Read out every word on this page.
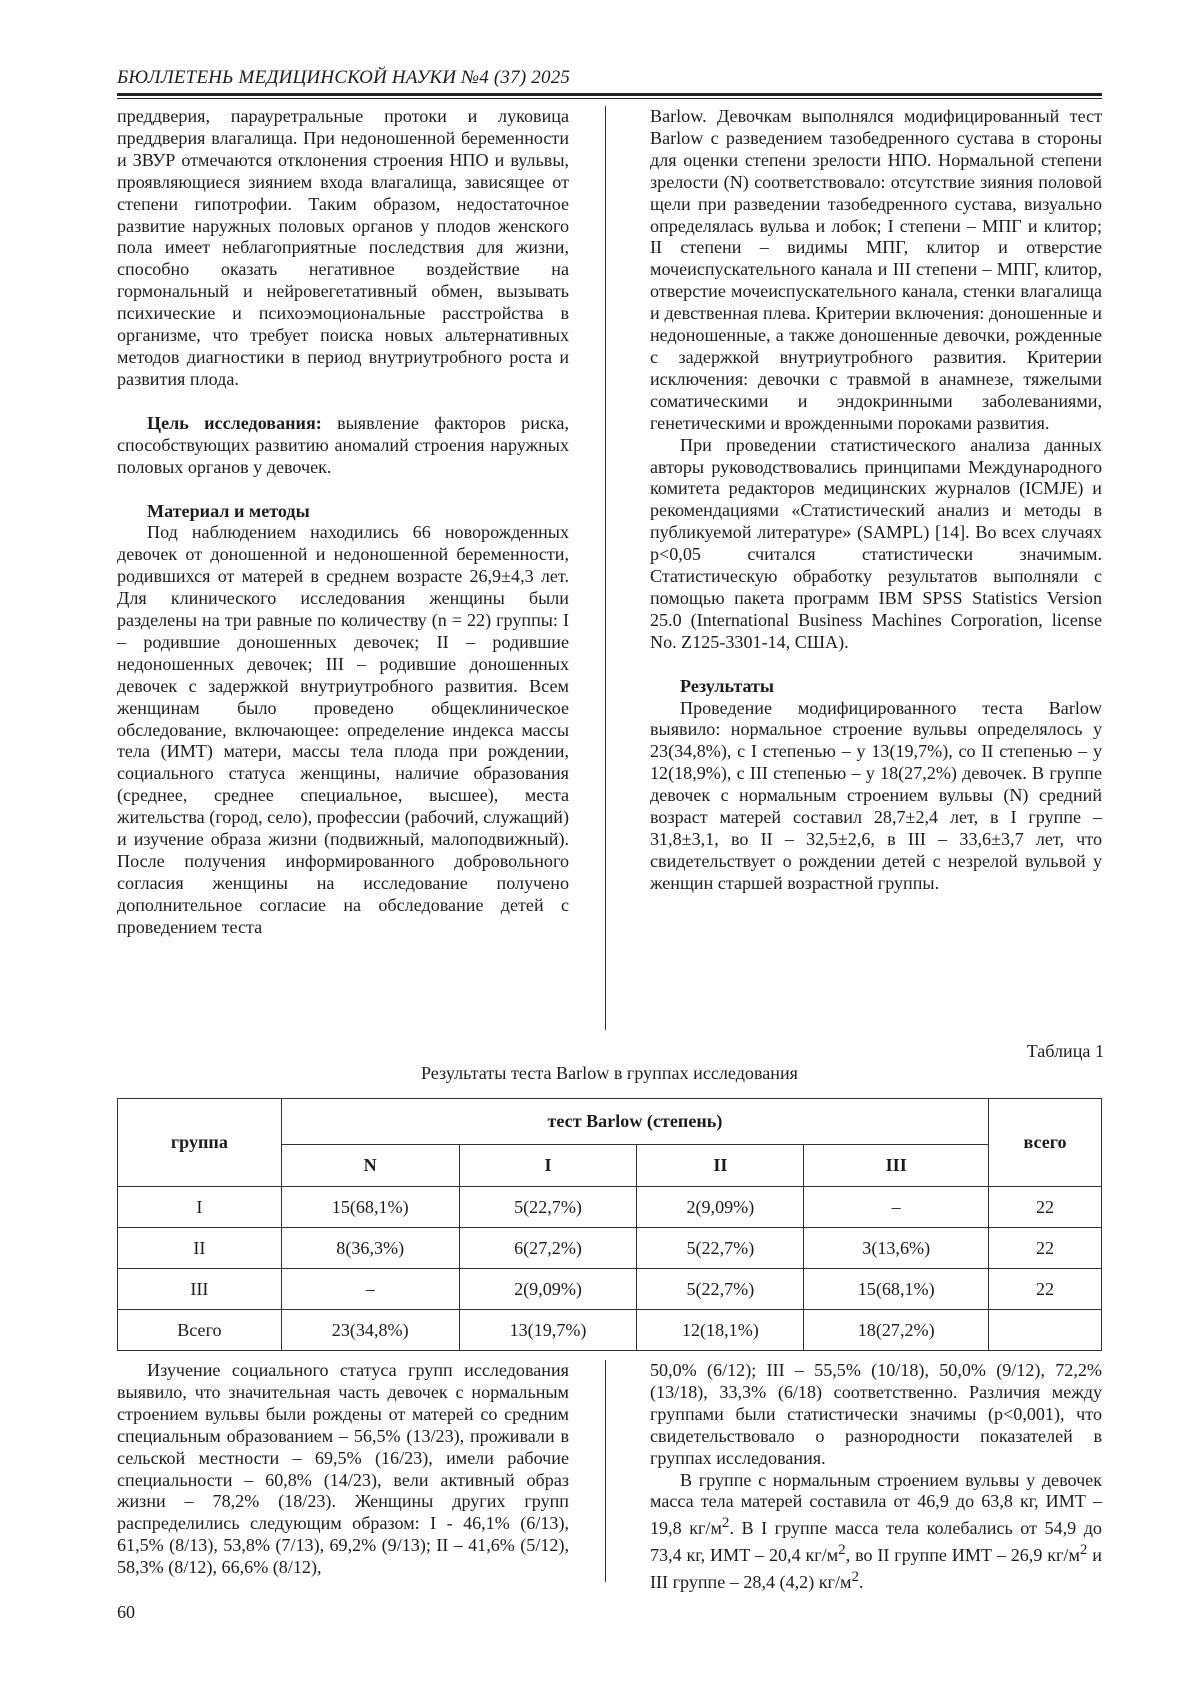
БЮЛЛЕТЕНЬ МЕДИЦИНСКОЙ НАУКИ №4 (37) 2025

преддверия, парауретральные протоки и луковица преддверия влагалища. При недоношенной беременности и ЗВУР отмечаются отклонения строения НПО и вульвы, проявляющиеся зиянием входа влагалища, зависящее от степени гипотрофии. Таким образом, недостаточное развитие наружных половых органов у плодов женского пола имеет неблагоприятные последствия для жизни, способно оказать негативное воздействие на гормональный и нейровегетативный обмен, вызывать психические и психоэмоциональные расстройства в организме, что требует поиска новых альтернативных методов диагностики в период внутриутробного роста и развития плода.

Цель исследования: выявление факторов риска, способствующих развитию аномалий строения наружных половых органов у девочек.

Материал и методы

Под наблюдением находились 66 новорожденных девочек от доношенной и недоношенной беременности, родившихся от матерей в среднем возрасте 26,9±4,3 лет. Для клинического исследования женщины были разделены на три равные по количеству (n = 22) группы: I – родившие доношенных девочек; II – родившие недоношенных девочек; III – родившие доношенных девочек с задержкой внутриутробного развития. Всем женщинам было проведено общеклиническое обследование, включающее: определение индекса массы тела (ИМТ) матери, массы тела плода при рождении, социального статуса женщины, наличие образования (среднее, среднее специальное, высшее), места жительства (город, село), профессии (рабочий, служащий) и изучение образа жизни (подвижный, малоподвижный). После получения информированного добровольного согласия женщины на исследование получено дополнительное согласие на обследование детей с проведением теста

Barlow. Девочкам выполнялся модифицированный тест Barlow с разведением тазобедренного сустава в стороны для оценки степени зрелости НПО. Нормальной степени зрелости (N) соответствовало: отсутствие зияния половой щели при разведении тазобедренного сустава, визуально определялась вульва и лобок; I степени – МПГ и клитор; II степени – видимы МПГ, клитор и отверстие мочеиспускательного канала и III степени – МПГ, клитор, отверстие мочеиспускательного канала, стенки влагалища и девственная плева. Критерии включения: доношенные и недоношенные, а также доношенные девочки, рожденные с задержкой внутриутробного развития. Критерии исключения: девочки с травмой в анамнезе, тяжелыми соматическими и эндокринными заболеваниями, генетическими и врожденными пороками развития.

При проведении статистического анализа данных авторы руководствовались принципами Международного комитета редакторов медицинских журналов (ICMJE) и рекомендациями «Статистический анализ и методы в публикуемой литературе» (SAMPL) [14]. Во всех случаях p<0,05 считался статистически значимым. Статистическую обработку результатов выполняли с помощью пакета программ IBM SPSS Statistics Version 25.0 (International Business Machines Corporation, license No. Z125-3301-14, США).

Результаты

Проведение модифицированного теста Barlow выявило: нормальное строение вульвы определялось у 23(34,8%), с I степенью – у 13(19,7%), со II степенью – у 12(18,9%), с III степенью – у 18(27,2%) девочек. В группе девочек с нормальным строением вульвы (N) средний возраст матерей составил 28,7±2,4 лет, в I группе – 31,8±3,1, во II – 32,5±2,6, в III – 33,6±3,7 лет, что свидетельствует о рождении детей с незрелой вульвой у женщин старшей возрастной группы.

Таблица 1
Результаты теста Barlow в группах исследования
группа	тест Barlow (степень)				всего
	N	I	II	III	
I	15(68,1%)	5(22,7%)	2(9,09%)	–	22
II	8(36,3%)	6(27,2%)	5(22,7%)	3(13,6%)	22
III	–	2(9,09%)	5(22,7%)	15(68,1%)	22
Всего	23(34,8%)	13(19,7%)	12(18,1%)	18(27,2%)	

Изучение социального статуса групп исследования выявило, что значительная часть девочек с нормальным строением вульвы были рождены от матерей со средним специальным образованием – 56,5% (13/23), проживали в сельской местности – 69,5% (16/23), имели рабочие специальности – 60,8% (14/23), вели активный образ жизни – 78,2% (18/23). Женщины других групп распределились следующим образом: I - 46,1% (6/13), 61,5% (8/13), 53,8% (7/13), 69,2% (9/13); II – 41,6% (5/12), 58,3% (8/12), 66,6% (8/12),

50,0% (6/12); III – 55,5% (10/18), 50,0% (9/12), 72,2% (13/18), 33,3% (6/18) соответственно. Различия между группами были статистически значимы (p<0,001), что свидетельствовало о разнородности показателей в группах исследования.

В группе с нормальным строением вульвы у девочек масса тела матерей составила от 46,9 до 63,8 кг, ИМТ – 19,8 $кг/м^2$. В I группе масса тела колебались от 54,9 до 73,4 кг, ИМТ – 20,4 $кг/м^2$, во II группе ИМТ – 26,9 $кг/м^2$ и III группе – 28,4 (4,2) $кг/м^2$.

60
